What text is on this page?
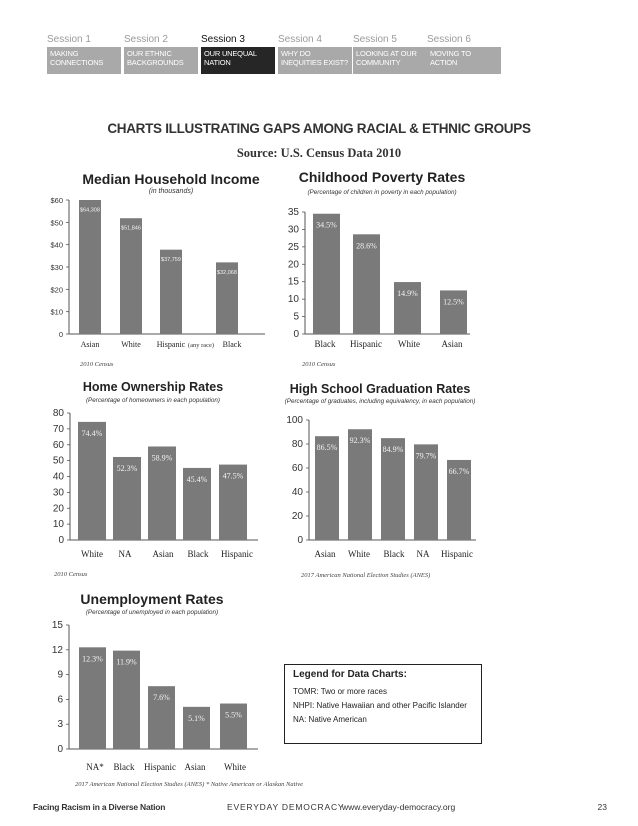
Session 1
MAKING CONNECTIONS
Session 2
OUR ETHNIC BACKGROUNDS
Session 3
OUR UNEQUAL NATION
Session 4
WHY DO INEQUITIES EXIST?
Session 5
LOOKING AT OUR COMMUNITY
Session 6
MOVING TO ACTION
CHARTS ILLUSTRATING GAPS AMONG RACIAL & ETHNIC GROUPS
Source: U.S. Census Data 2010
Median Household Income
(in thousands)
0
$10
$20
$30
$40
$50
$60
$64,308
$51,846
$37,759
$32,068
Asian	White Hispanic (any race) Black
2010 Census
Childhood Poverty Rates
(Percentage of children in poverty in each population)
0
5
10
15
20
25
30
35
34.5%
28.6%
14.9%
12.5%
Black Hispanic White Asian
2010 Census
Home Ownership Rates
(Percentage of homeowners in each population)
0
10
20
30
40
50
60
70
80
74.4%
52.3%
58.9%
45.4% 47.5%
White NA Asian Black Hispanic
2010 Census
High School Graduation Rates
(Percentage of graduates, including equivalency, in each population)
0
20
40
60
80
100
86.5%
92.3%
84.9%
79.7%
66.7%
Asian White Black NA Hispanic
2017 American National Election Studies (ANES)
Unemployment Rates
(Percentage of unemployed in each population)
0
3
6
9
12
15
12.3% 11.9%
7.6%
5.1%	5.5%
NA* Black Hispanic Asian White
2017 American National Election Studies (ANES) * Native American or Alaskan Native
Legend for Data Charts:
TOMR: Two or more races
NHPI: Native Hawaiian and other Pacific Islander
NA: Native American
Facing Racism in a Diverse Nation	EVERYDAY DEMOCRACY
www.everyday-democracy.org	23
